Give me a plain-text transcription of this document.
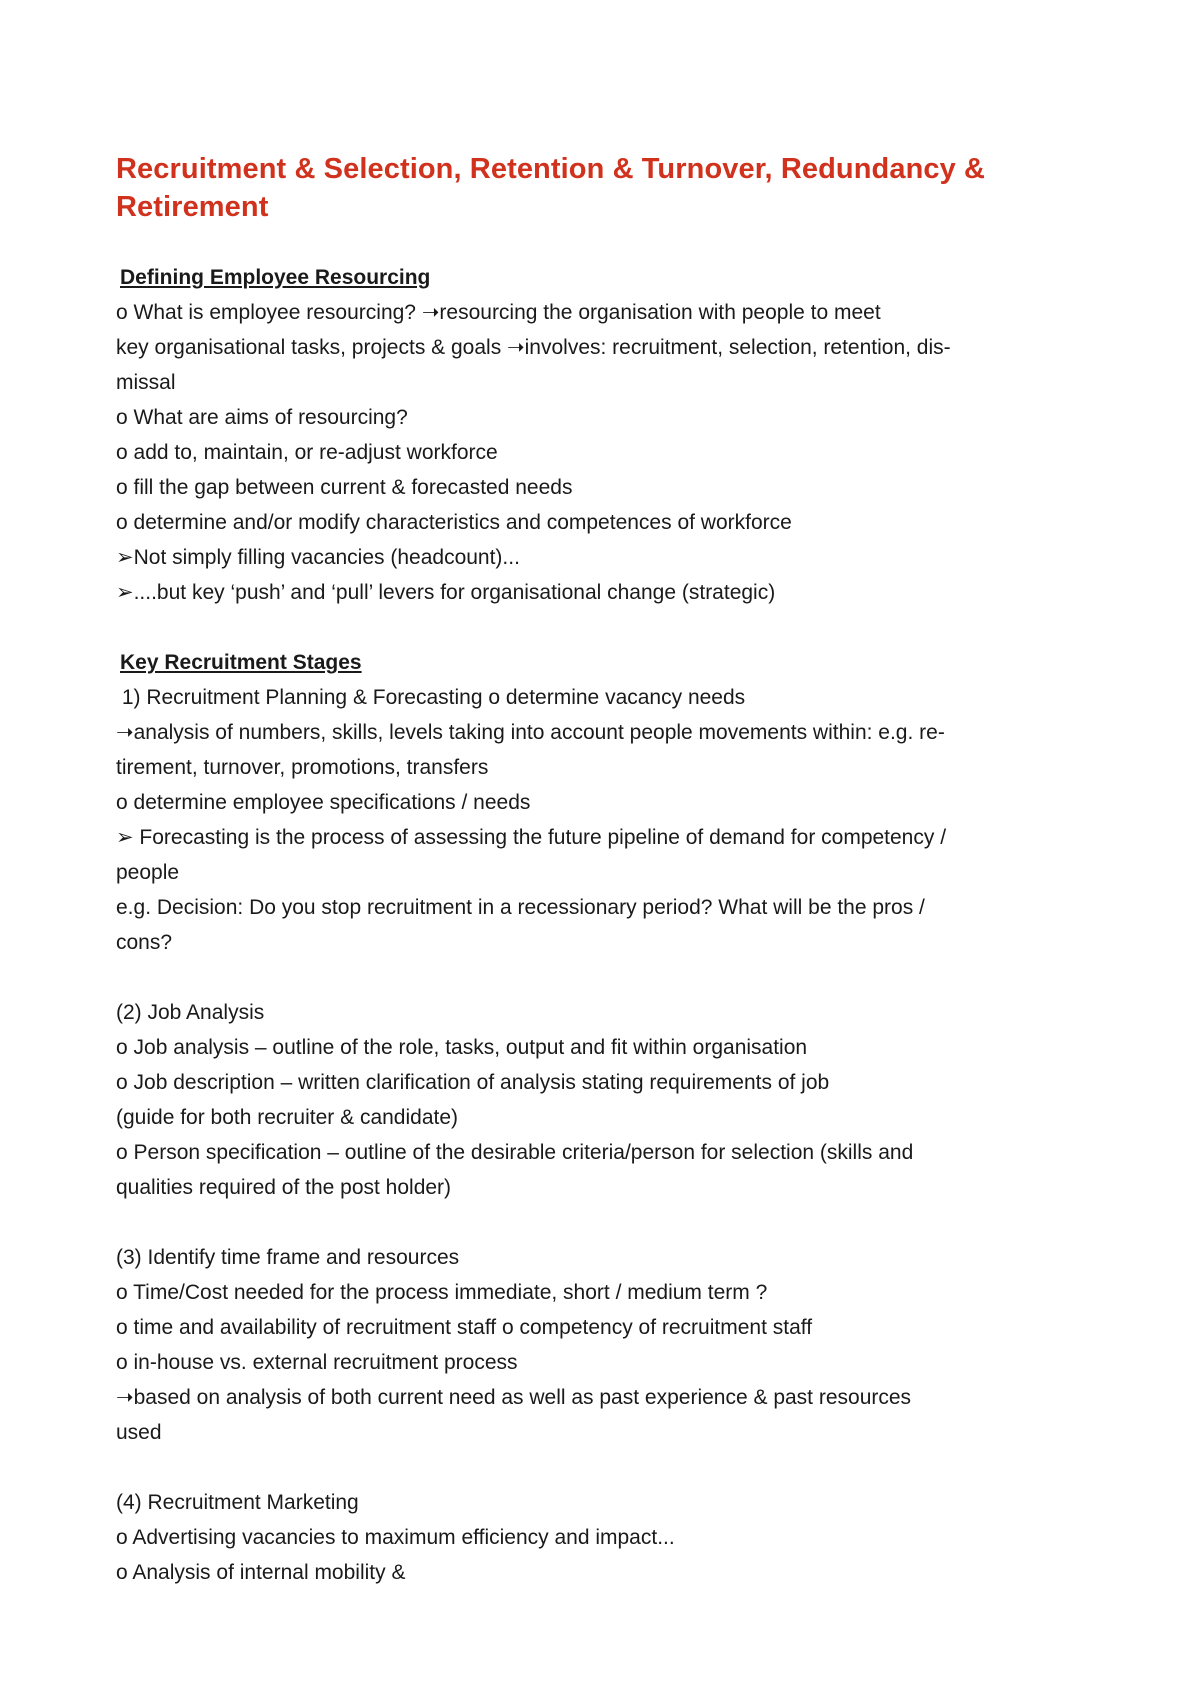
Recruitment & Selection, Retention & Turnover, Redundancy & Retirement
Defining Employee Resourcing
o What is employee resourcing? ➝resourcing the organisation with people to meet
key organisational tasks, projects & goals ➝involves: recruitment, selection, retention, dis-
missal
o What are aims of resourcing?
o add to, maintain, or re-adjust workforce
o fill the gap between current & forecasted needs
o determine and/or modify characteristics and competences of workforce
➢Not simply filling vacancies (headcount)...
➢....but key ‘push’ and ‘pull’ levers for organisational change (strategic)
Key Recruitment Stages
1) Recruitment Planning & Forecasting o determine vacancy needs
➝analysis of numbers, skills, levels taking into account people movements within: e.g. re-
tirement, turnover, promotions, transfers
o determine employee specifications / needs
➢ Forecasting is the process of assessing the future pipeline of demand for competency /
people
e.g. Decision: Do you stop recruitment in a recessionary period? What will be the pros /
cons?
(2) Job Analysis
o Job analysis – outline of the role, tasks, output and fit within organisation
o Job description – written clarification of analysis stating requirements of job
(guide for both recruiter & candidate)
o Person specification – outline of the desirable criteria/person for selection (skills and
qualities required of the post holder)
(3) Identify time frame and resources
o Time/Cost needed for the process immediate, short / medium term ?
o time and availability of recruitment staff o competency of recruitment staff
o in-house vs. external recruitment process
➝based on analysis of both current need as well as past experience & past resources
used
(4) Recruitment Marketing
o Advertising vacancies to maximum efficiency and impact...
o Analysis of internal mobility &
